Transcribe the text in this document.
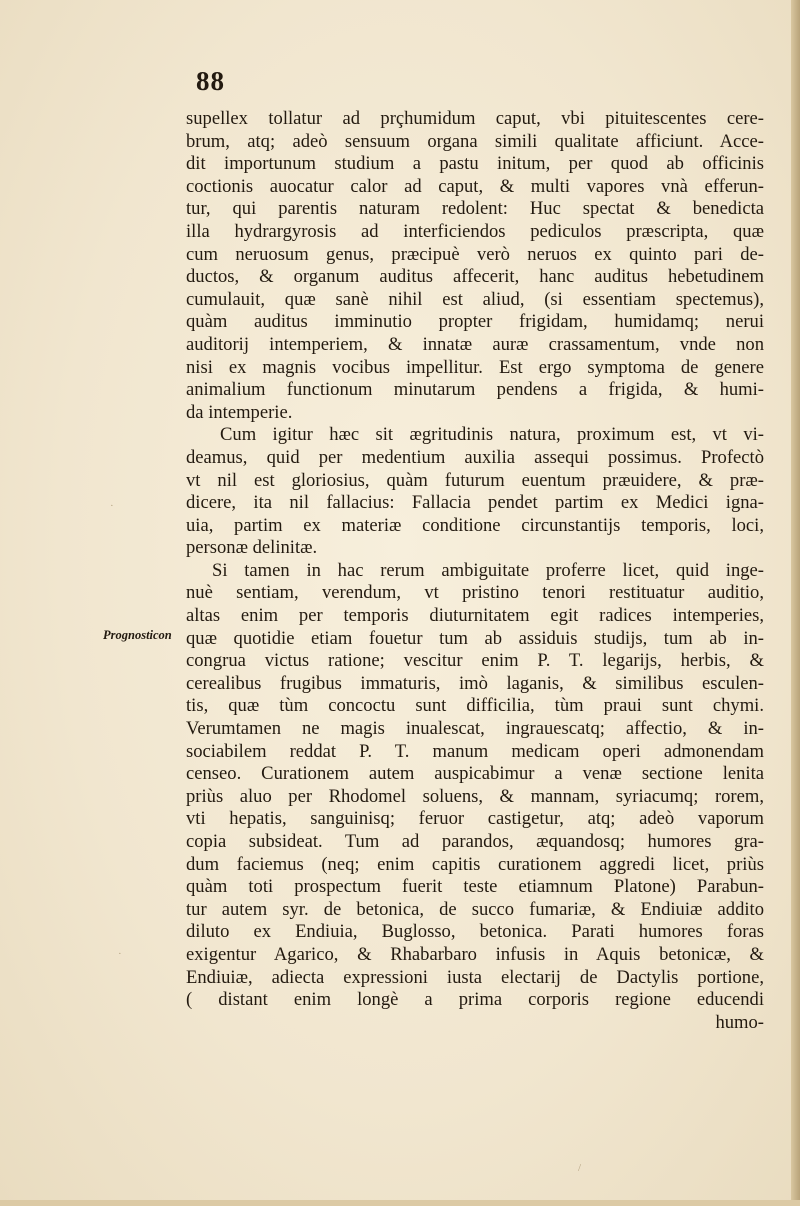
88
Prognosticon
supellex tollatur ad prçhumidum caput, vbi pituitescentes cere-
brum, atq; adeò sensuum organa simili qualitate afficiunt. Acce-
dit importunum studium a pastu initum, per quod ab officinis
coctionis auocatur calor ad caput, & multi vapores vnà efferun-
tur, qui parentis naturam redolent: Huc spectat & benedicta
illa hydrargyrosis ad interficiendos pediculos præscripta, quæ
cum neruosum genus, præcipuè verò neruos ex quinto pari de-
ductos, & organum auditus affecerit, hanc auditus hebetudinem
cumulauit, quæ sanè nihil est aliud, (si essentiam spectemus),
quàm auditus imminutio propter frigidam, humidamq; nerui
auditorij intemperiem, & innatæ auræ crassamentum, vnde non
nisi ex magnis vocibus impellitur. Est ergo symptoma de genere
animalium functionum minutarum pendens a frigida, & humi-
da intemperie.
Cum igitur hæc sit ægritudinis natura, proximum est, vt vi-
deamus, quid per medentium auxilia assequi possimus. Profectò
vt nil est gloriosius, quàm futurum euentum præuidere, & præ-
dicere, ita nil fallacius: Fallacia pendet partim ex Medici igna-
uia, partim ex materiæ conditione circunstantijs temporis, loci,
personæ delinitæ.
Si tamen in hac rerum ambiguitate proferre licet, quid inge-
nuè sentiam, verendum, vt pristino tenori restituatur auditio,
altas enim per temporis diuturnitatem egit radices intemperies,
quæ quotidie etiam fouetur tum ab assiduis studijs, tum ab in-
congrua victus ratione; vescitur enim P. T. legarijs, herbis, &
cerealibus frugibus immaturis, imò laganis, & similibus esculen-
tis, quæ tùm concoctu sunt difficilia, tùm praui sunt chymi.
Verumtamen ne magis inualescat, ingrauescatq; affectio, & in-
sociabilem reddat P. T. manum medicam operi admonendam
censeo. Curationem autem auspicabimur a venæ sectione lenita
priùs aluo per Rhodomel soluens, & mannam, syriacumq; rorem,
vti hepatis, sanguinisq; feruor castigetur, atq; adeò vaporum
copia subsideat. Tum ad parandos, æquandosq; humores gra-
dum faciemus (neq; enim capitis curationem aggredi licet, priùs
quàm toti prospectum fuerit teste etiamnum Platone) Parabun-
tur autem syr. de betonica, de succo fumariæ, & Endiuiæ addito
diluto ex Endiuia, Buglosso, betonica. Parati humores foras
exigentur Agarico, & Rhabarbaro infusis in Aquis betonicæ, &
Endiuiæ, adiecta expressioni iusta electarij de Dactylis portione,
( distant enim longè a prima corporis regione educendi
humo-
·
·
/
